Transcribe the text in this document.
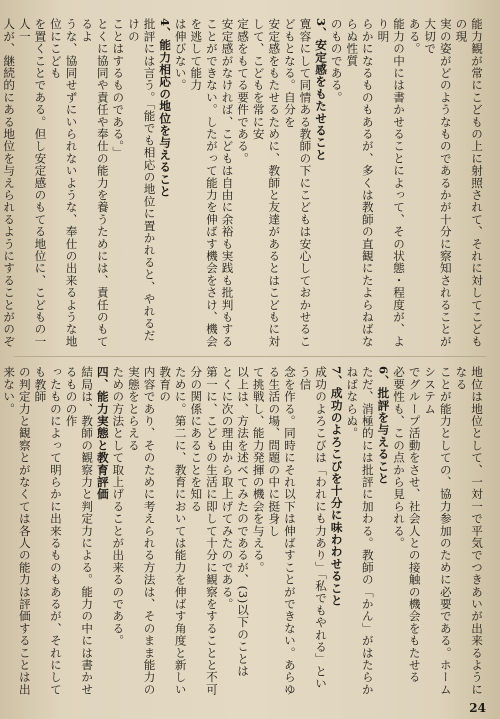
能力観が常にこどもの上に射照されて、それに対してこどもの現

実の姿がどのようなものであるかが十分に察知されることが大切で

ある。

能力の中には書かせることによって、その状態・程度が、より明

らかになるものもあるが、多くは教師の直観にたよらねばならぬ性質

のものである。

3、安定感をもたせること

寛容にして同情ある教師の下にこどもは安心しておかせるこどもとなる。自分を

安定感をもたせるために、教師と友達があるとはこどもに対して、こどもを常に安

定感をもてる要件である。

安定感がなければ、こどもは自由に余裕も実践も批判もすることができない。したがって能力を伸ばす機会をさけ、機会を逃して能力

は伸びない。

4、能力相応の地位を与えること

批評には言う。「能でも相応の地位に置かれると、やれるだけの

ことはするものである。」

とくに協同や責任や奉仕の能力を養うためには、責任のもてるよ

うな、協同せずにいられないような、奉仕の出来るような地位にこども

を置くことである。但し安定感のもてる地位に、こどもの一人一

人が、継続的にある地位を与えられるようにすることがのぞ

地位は地位として、一対一で平気でつきあいが出来るようになる

ことが能力としての、協力参加のために必要である。ホームシステム

でグループ活動をさせ、社会人との接触の機会をもたせる

必要性も、この点から見られる。

6、批評を与えること

ただ、消極的には批評に加わる。教師の「かん」がはたらか

ねばならぬ。

7、成功のよろこびを十分に味わわせること

成功のよろこびは「われにも力あり」「私でもやれる」という信

念を作る。同時にそれ以下は伸ばすことができない。あらゆる生活の場、問題の中に挺身し

て挑戦し、能力発揮の機会を与える。

以上は、方法を述べてみたのであるが、(3)以下のことは

とくに次の理由から取上げてみたのである。

第一に、こどもの生活に即して十分に観察をすることと不可分の関係にあることを知る

ために。第二に、教育においては能力を伸ばす角度と新しい教育の

内容であり、そのために考えられる方法は、そのまま能力の実態をとらえる

ための方法として取上げることが出来るのである。

四、能力実態と教育評価

結局は、教師の観察力と判定力による。能力の中には書かせるものの作

ったものによって明らかに出来るものもあるが、それにしても教師

の判定力と観察とがなくては各人の能力は評価することは出来ない。

24
